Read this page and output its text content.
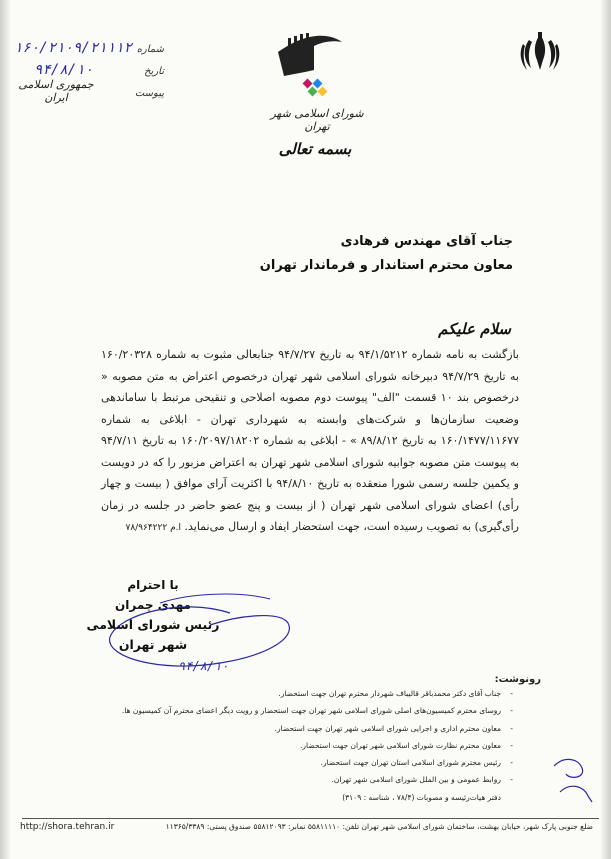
جمهوری اسلامی ایران
شورای اسلامی شهر تهران
بسمه تعالی
شماره
۱۶۰/۲۱۰۹/۲۱۱۱۲
تاریخ
۹۴/۸/۱۰
پیوست
جناب آقای مهندس فرهادی
معاون محترم استاندار و فرماندار تهران
سلام علیکم
بازگشت به نامه شماره ۹۴/۱/۵۲۱۲ به تاریخ ۹۴/۷/۲۷ جنابعالی مثبوت به شماره ۱۶۰/۲۰۳۲۸ به تاریخ ۹۴/۷/۲۹ دبیرخانه شورای اسلامی شهر تهران درخصوص اعتراض به متن مصوبه « درخصوص بند ۱۰ قسمت "الف" پیوست دوم مصوبه اصلاحی و تنقیحی مرتبط با ساماندهی وضعیت سازمان‌ها و شرکت‌های وابسته به شهرداری تهران - ابلاغی به شماره ۱۶۰/۱۴۷۷/۱۱۶۷۷ به تاریخ ۸۹/۸/۱۲ » - ابلاغی به شماره ۱۶۰/۲۰۹۷/۱۸۲۰۲ به تاریخ ۹۴/۷/۱۱ به پیوست متن مصوبه جوابیه شورای اسلامی شهر تهران به اعتراض مزبور را که در دویست و یکمین جلسه رسمی شورا منعقده به تاریخ ۹۴/۸/۱۰ با اکثریت آرای موافق ( بیست و چهار رأی) اعضای شورای اسلامی شهر تهران ( از بیست و پنج عضو حاضر در جلسه در زمان رأی‌گیری) به تصویب رسیده است، جهت استحضار ایفاد و ارسال می‌نماید. ا.م ۷۸/۹۶۴۲۲۲
با احترام
مهدی چمران
رئیس شورای اسلامی شهر تهران
۹۴/۸/۱۰
رونوشت:
- جناب آقای دکتر محمدباقر قالیباف شهردار محترم تهران جهت استحضار.
- روسای محترم کمیسیون‌های اصلی شورای اسلامی شهر تهران جهت استحضار و رویت دیگر اعضای محترم آن کمیسیون ها.
- معاون محترم اداری و اجرایی شورای اسلامی شهر تهران جهت استحضار.
- معاون محترم نظارت شورای اسلامی شهر تهران جهت استحضار.
- رئیس محترم شورای اسلامی استان تهران جهت استحضار.
- روابط عمومی و بین الملل شورای اسلامی شهر تهران.
دفتر هیات‌رئیسه و مصوبات (۷۸/۴ ، شناسه : ۳۱۰۹)
ضلع جنوبی پارک شهر، خیابان بهشت، ساختمان شورای اسلامی شهر تهران تلفن: ۵۵۸۱۱۱۱۰ نمابر: ۵۵۸۱۲۰۹۳ صندوق پستی: ۱۱۳۶۵/۳۳۸۹
http://shora.tehran.ir
